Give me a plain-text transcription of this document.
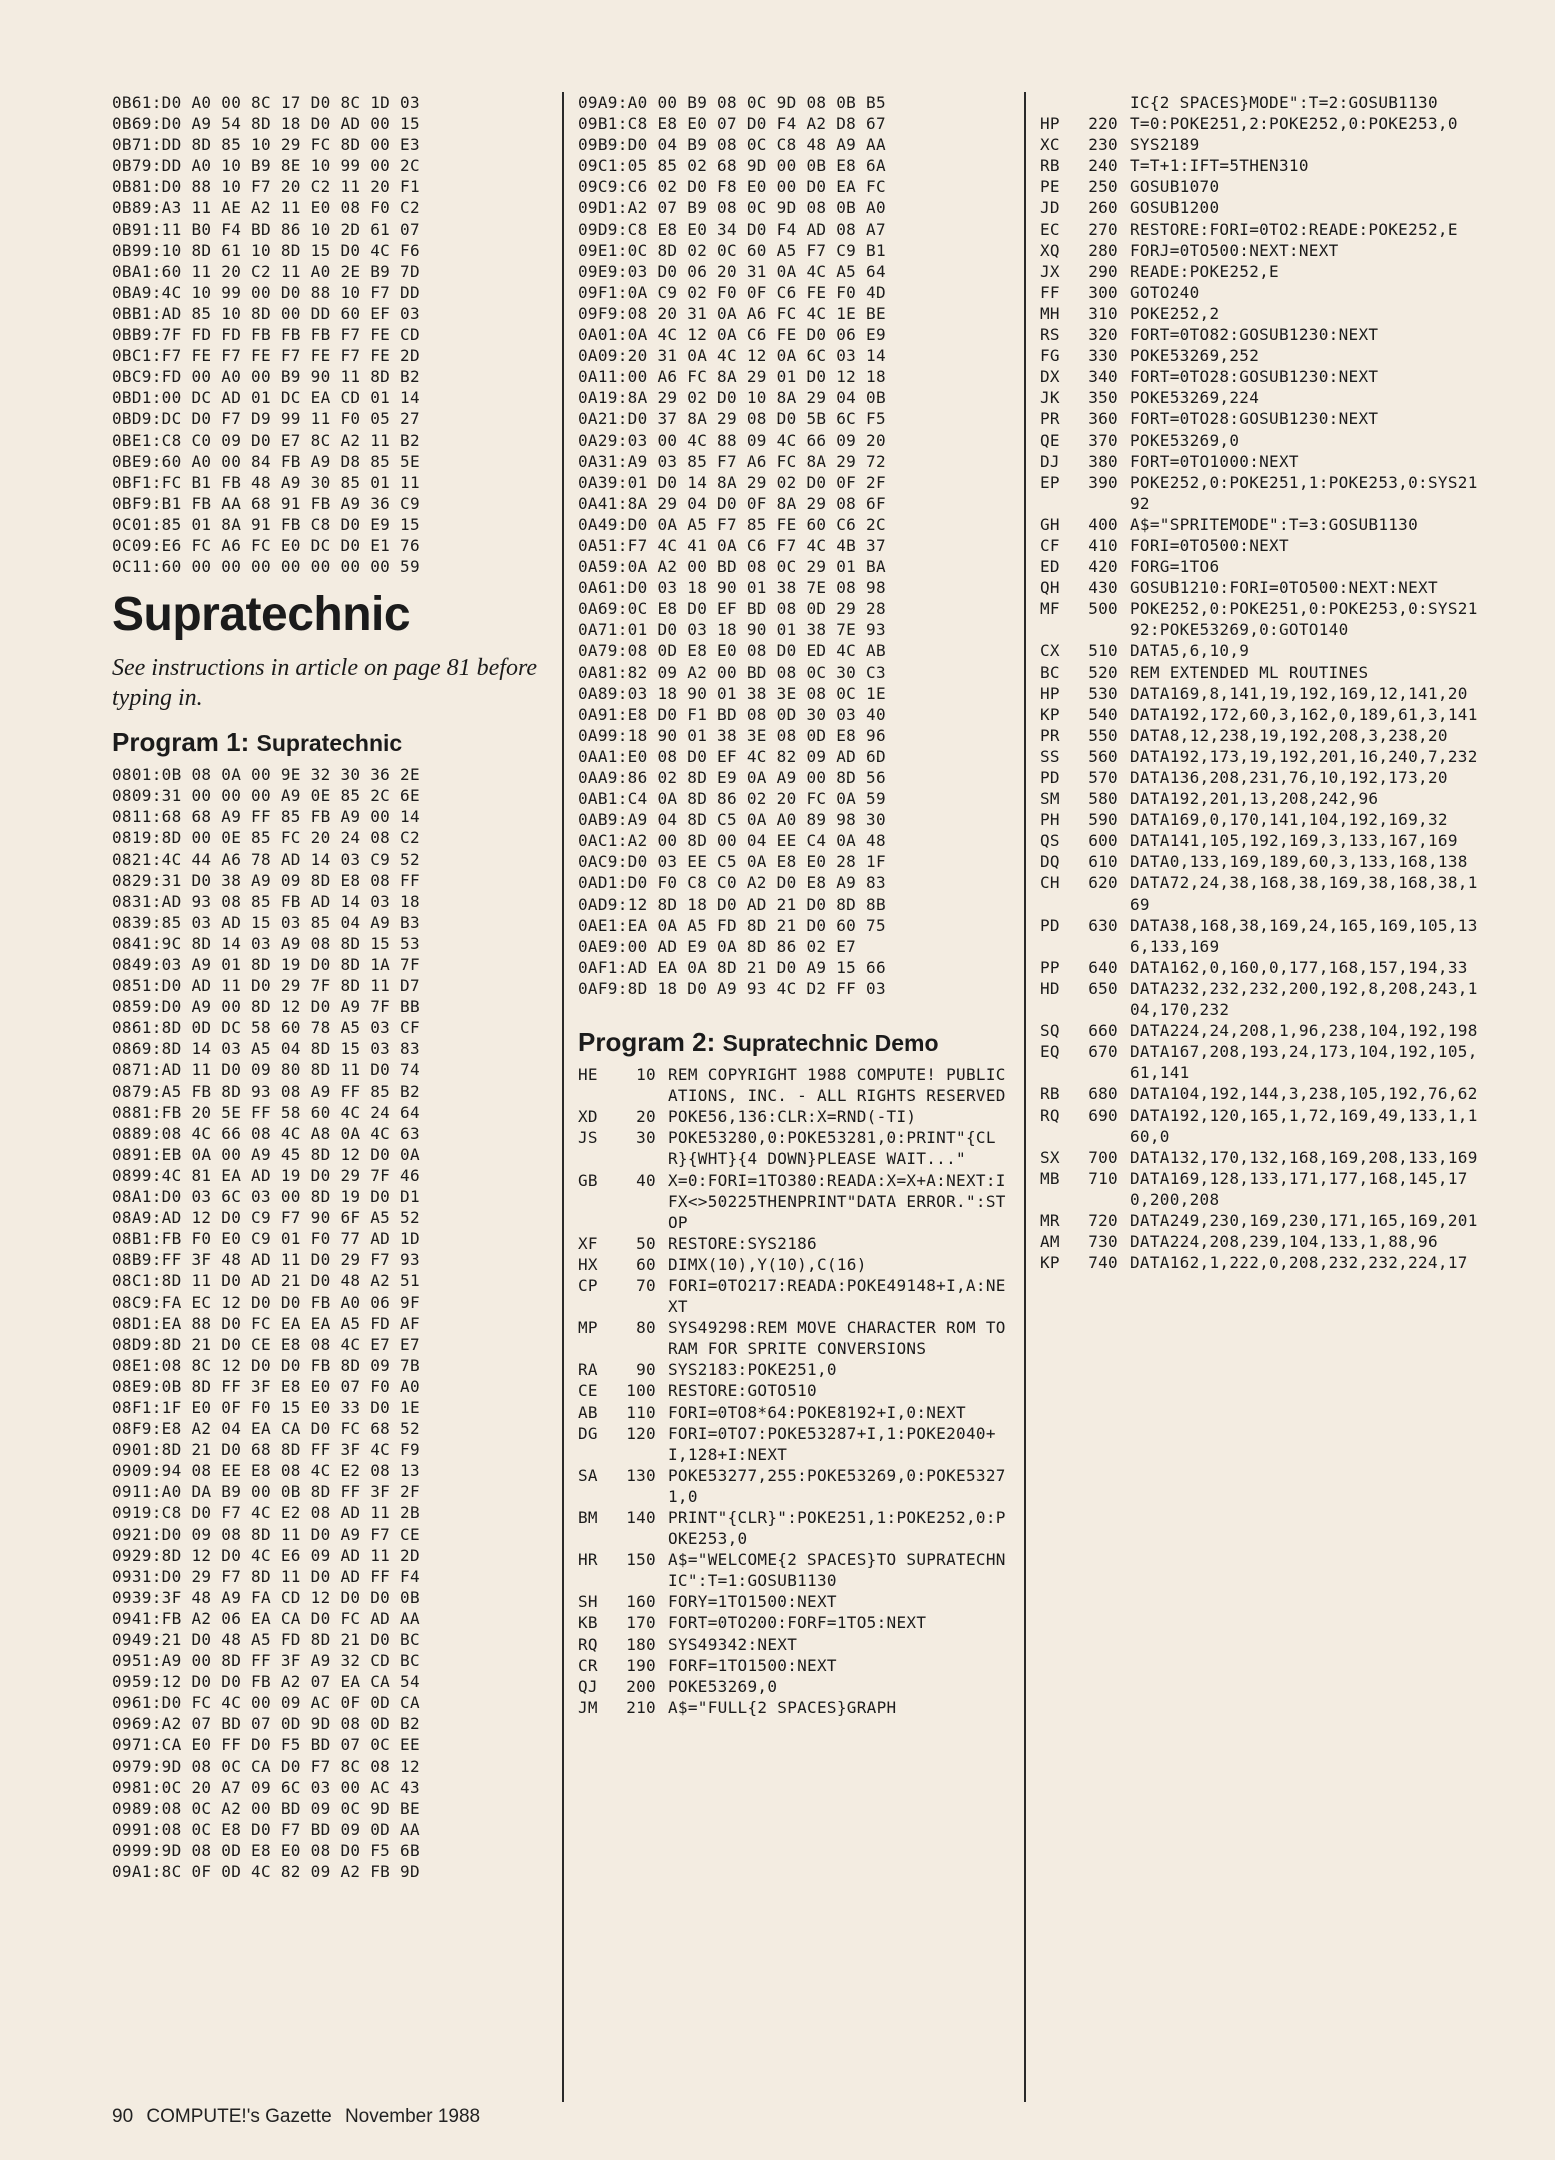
0B61:D0 A0 00 8C 17 D0 8C 1D 03
0B69:D0 A9 54 8D 18 D0 AD 00 15
0B71:DD 8D 85 10 29 FC 8D 00 E3
0B79:DD A0 10 B9 8E 10 99 00 2C
0B81:D0 88 10 F7 20 C2 11 20 F1
0B89:A3 11 AE A2 11 E0 08 F0 C2
0B91:11 B0 F4 BD 86 10 2D 61 07
0B99:10 8D 61 10 8D 15 D0 4C F6
0BA1:60 11 20 C2 11 A0 2E B9 7D
0BA9:4C 10 99 00 D0 88 10 F7 DD
0BB1:AD 85 10 8D 00 DD 60 EF 03
0BB9:7F FD FD FB FB FB F7 FE CD
0BC1:F7 FE F7 FE F7 FE F7 FE 2D
0BC9:FD 00 A0 00 B9 90 11 8D B2
0BD1:00 DC AD 01 DC EA CD 01 14
0BD9:DC D0 F7 D9 99 11 F0 05 27
0BE1:C8 C0 09 D0 E7 8C A2 11 B2
0BE9:60 A0 00 84 FB A9 D8 85 5E
0BF1:FC B1 FB 48 A9 30 85 01 11
0BF9:B1 FB AA 68 91 FB A9 36 C9
0C01:85 01 8A 91 FB C8 D0 E9 15
0C09:E6 FC A6 FC E0 DC D0 E1 76
0C11:60 00 00 00 00 00 00 00 59
Supratechnic
See instructions in article on page 81 before typing in.
Program 1: Supratechnic
0801:0B 08 0A 00 9E 32 30 36 2E
0809:31 00 00 00 A9 0E 85 2C 6E
0811:68 68 A9 FF 85 FB A9 00 14
0819:8D 00 0E 85 FC 20 24 08 C2
0821:4C 44 A6 78 AD 14 03 C9 52
0829:31 D0 38 A9 09 8D E8 08 FF
0831:AD 93 08 85 FB AD 14 03 18
0839:85 03 AD 15 03 85 04 A9 B3
0841:9C 8D 14 03 A9 08 8D 15 53
0849:03 A9 01 8D 19 D0 8D 1A 7F
0851:D0 AD 11 D0 29 7F 8D 11 D7
0859:D0 A9 00 8D 12 D0 A9 7F BB
0861:8D 0D DC 58 60 78 A5 03 CF
0869:8D 14 03 A5 04 8D 15 03 83
0871:AD 11 D0 09 80 8D 11 D0 74
0879:A5 FB 8D 93 08 A9 FF 85 B2
0881:FB 20 5E FF 58 60 4C 24 64
0889:08 4C 66 08 4C A8 0A 4C 63
0891:EB 0A 00 A9 45 8D 12 D0 0A
0899:4C 81 EA AD 19 D0 29 7F 46
08A1:D0 03 6C 03 00 8D 19 D0 D1
08A9:AD 12 D0 C9 F7 90 6F A5 52
08B1:FB F0 E0 C9 01 F0 77 AD 1D
08B9:FF 3F 48 AD 11 D0 29 F7 93
08C1:8D 11 D0 AD 21 D0 48 A2 51
08C9:FA EC 12 D0 D0 FB A0 06 9F
08D1:EA 88 D0 FC EA EA A5 FD AF
08D9:8D 21 D0 CE E8 08 4C E7 E7
08E1:08 8C 12 D0 D0 FB 8D 09 7B
08E9:0B 8D FF 3F E8 E0 07 F0 A0
08F1:1F E0 0F F0 15 E0 33 D0 1E
08F9:E8 A2 04 EA CA D0 FC 68 52
0901:8D 21 D0 68 8D FF 3F 4C F9
0909:94 08 EE E8 08 4C E2 08 13
0911:A0 DA B9 00 0B 8D FF 3F 2F
0919:C8 D0 F7 4C E2 08 AD 11 2B
0921:D0 09 08 8D 11 D0 A9 F7 CE
0929:8D 12 D0 4C E6 09 AD 11 2D
0931:D0 29 F7 8D 11 D0 AD FF F4
0939:3F 48 A9 FA CD 12 D0 D0 0B
0941:FB A2 06 EA CA D0 FC AD AA
0949:21 D0 48 A5 FD 8D 21 D0 BC
0951:A9 00 8D FF 3F A9 32 CD BC
0959:12 D0 D0 FB A2 07 EA CA 54
0961:D0 FC 4C 00 09 AC 0F 0D CA
0969:A2 07 BD 07 0D 9D 08 0D B2
0971:CA E0 FF D0 F5 BD 07 0C EE
0979:9D 08 0C CA D0 F7 8C 08 12
0981:0C 20 A7 09 6C 03 00 AC 43
0989:08 0C A2 00 BD 09 0C 9D BE
0991:08 0C E8 D0 F7 BD 09 0D AA
0999:9D 08 0D E8 E0 08 D0 F5 6B
09A1:8C 0F 0D 4C 82 09 A2 FB 9D
09A9:A0 00 B9 08 0C 9D 08 0B B5
09B1:C8 E8 E0 07 D0 F4 A2 D8 67
09B9:D0 04 B9 08 0C C8 48 A9 AA
09C1:05 85 02 68 9D 00 0B E8 6A
09C9:C6 02 D0 F8 E0 00 D0 EA FC
09D1:A2 07 B9 08 0C 9D 08 0B A0
09D9:C8 E8 E0 34 D0 F4 AD 08 A7
09E1:0C 8D 02 0C 60 A5 F7 C9 B1
09E9:03 D0 06 20 31 0A 4C A5 64
09F1:0A C9 02 F0 0F C6 FE F0 4D
09F9:08 20 31 0A A6 FC 4C 1E BE
0A01:0A 4C 12 0A C6 FE D0 06 E9
0A09:20 31 0A 4C 12 0A 6C 03 14
0A11:00 A6 FC 8A 29 01 D0 12 18
0A19:8A 29 02 D0 10 8A 29 04 0B
0A21:D0 37 8A 29 08 D0 5B 6C F5
0A29:03 00 4C 88 09 4C 66 09 20
0A31:A9 03 85 F7 A6 FC 8A 29 72
0A39:01 D0 14 8A 29 02 D0 0F 2F
0A41:8A 29 04 D0 0F 8A 29 08 6F
0A49:D0 0A A5 F7 85 FE 60 C6 2C
0A51:F7 4C 41 0A C6 F7 4C 4B 37
0A59:0A A2 00 BD 08 0C 29 01 BA
0A61:D0 03 18 90 01 38 7E 08 98
0A69:0C E8 D0 EF BD 08 0D 29 28
0A71:01 D0 03 18 90 01 38 7E 93
0A79:08 0D E8 E0 08 D0 ED 4C AB
0A81:82 09 A2 00 BD 08 0C 30 C3
0A89:03 18 90 01 38 3E 08 0C 1E
0A91:E8 D0 F1 BD 08 0D 30 03 40
0A99:18 90 01 38 3E 08 0D E8 96
0AA1:E0 08 D0 EF 4C 82 09 AD 6D
0AA9:86 02 8D E9 0A A9 00 8D 56
0AB1:C4 0A 8D 86 02 20 FC 0A 59
0AB9:A9 04 8D C5 0A A0 89 98 30
0AC1:A2 00 8D 00 04 EE C4 0A 48
0AC9:D0 03 EE C5 0A E8 E0 28 1F
0AD1:D0 F0 C8 C0 A2 D0 E8 A9 83
0AD9:12 8D 18 D0 AD 21 D0 8D 8B
0AE1:EA 0A A5 FD 8D 21 D0 60 75
0AE9:00 AD E9 0A 8D 86 02 E7
0AF1:AD EA 0A 8D 21 D0 A9 15 66
0AF9:8D 18 D0 A9 93 4C D2 FF 03
Program 2: Supratechnic Demo
HE	10 REM COPYRIGHT 1988 COMPUTE! PUBLICATIONS, INC. - ALL RIGHTS RESERVED
XD	20 POKE56,136:CLR:X=RND(-TI)
JS	30 POKE53280,0:POKE53281,0:PRINT"{CLR}{WHT}{4 DOWN}PLEASE WAIT..."
GB	40 X=0:FORI=1TO380:READA:X=X+A:NEXT:IFX<>50225THENPRINT"DATA ERROR.":STOP
XF	50 RESTORE:SYS2186
HX	60 DIMX(10),Y(10),C(16)
CP	70 FORI=0TO217:READA:POKE49148+I,A:NEXT
MP	80 SYS49298:REM MOVE CHARACTER ROM TO RAM FOR SPRITE CONVERSIONS
RA	90 SYS2183:POKE251,0
CE	100 RESTORE:GOTO510
AB	110 FORI=0TO8*64:POKE8192+I,0:NEXT
DG	120 FORI=0TO7:POKE53287+I,1:POKE2040+I,128+I:NEXT
SA	130 POKE53277,255:POKE53269,0:POKE53271,0
BM	140 PRINT"{CLR}":POKE251,1:POKE252,0:POKE253,0
HR	150 A$="WELCOME{2 SPACES}TO SUPRATECHNIC":T=1:GOSUB1130
SH	160 FORY=1TO1500:NEXT
KB	170 FORT=0TO200:FORF=1TO5:NEXT
RQ	180 SYS49342:NEXT
CR	190 FORF=1TO1500:NEXT
QJ	200 POKE53269,0
JM	210 A$="FULL{2 SPACES}GRAPH
IC{2 SPACES}MODE":T=2:GOSUB1130
HP	220 T=0:POKE251,2:POKE252,0:POKE253,0
XC	230 SYS2189
RB	240 T=T+1:IFT=5THEN310
PE	250 GOSUB1070
JD	260 GOSUB1200
EC	270 RESTORE:FORI=0TO2:READE:POKE252,E
XQ	280 FORJ=0TO500:NEXT:NEXT
JX	290 READE:POKE252,E
FF	300 GOTO240
MH	310 POKE252,2
RS	320 FORT=0TO82:GOSUB1230:NEXT
FG	330 POKE53269,252
DX	340 FORT=0TO28:GOSUB1230:NEXT
JK	350 POKE53269,224
PR	360 FORT=0TO28:GOSUB1230:NEXT
QE	370 POKE53269,0
DJ	380 FORT=0TO1000:NEXT
EP	390 POKE252,0:POKE251,1:POKE253,0:SYS2192
GH	400 A$="SPRITEMODE":T=3:GOSUB1130
CF	410 FORI=0TO500:NEXT
ED	420 FORG=1TO6
QH	430 GOSUB1210:FORI=0TO500:NEXT:NEXT
MF	500 POKE252,0:POKE251,0:POKE253,0:SYS2192:POKE53269,0:GOTO140
CX	510 DATA5,6,10,9
BC	520 REM EXTENDED ML ROUTINES
HP	530 DATA169,8,141,19,192,169,12,141,20
KP	540 DATA192,172,60,3,162,0,189,61,3,141
PR	550 DATA8,12,238,19,192,208,3,238,20
SS	560 DATA192,173,19,192,201,16,240,7,232
PD	570 DATA136,208,231,76,10,192,173,20
SM	580 DATA192,201,13,208,242,96
PH	590 DATA169,0,170,141,104,192,169,32
QS	600 DATA141,105,192,169,3,133,167,169
DQ	610 DATA0,133,169,189,60,3,133,168,138
CH	620 DATA72,24,38,168,38,169,38,168,38,169
PD	630 DATA38,168,38,169,24,165,169,105,136,133,169
PP	640 DATA162,0,160,0,177,168,157,194,33
HD	650 DATA232,232,232,200,192,8,208,243,104,170,232
SQ	660 DATA224,24,208,1,96,238,104,192,198
EQ	670 DATA167,208,193,24,173,104,192,105,61,141
RB	680 DATA104,192,144,3,238,105,192,76,62
RQ	690 DATA192,120,165,1,72,169,49,133,1,160,0
SX	700 DATA132,170,132,168,169,208,133,169
MB	710 DATA169,128,133,171,177,168,145,170,200,208
MR	720 DATA249,230,169,230,171,165,169,201
AM	730 DATA224,208,239,104,133,1,88,96
KP	740 DATA162,1,222,0,208,232,232,224,17
90 COMPUTE!'s Gazette November 1988
